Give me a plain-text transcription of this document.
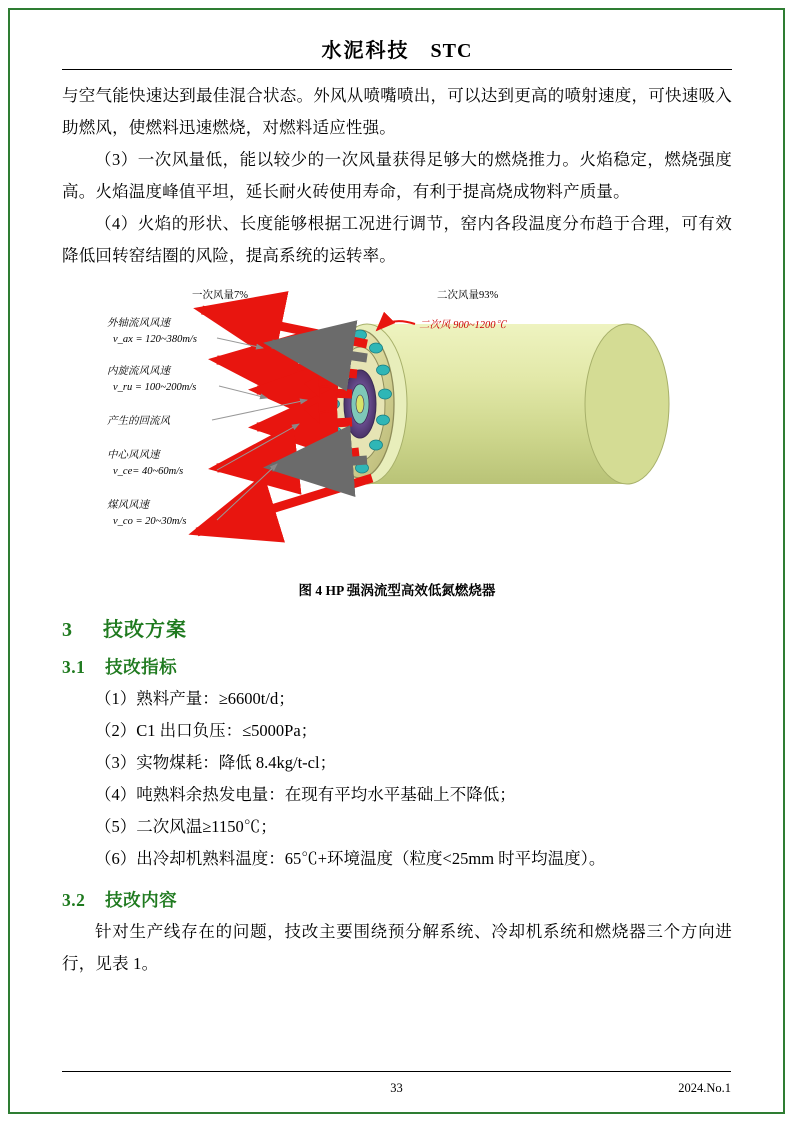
水泥科技 STC

与空气能快速达到最佳混合状态。外风从喷嘴喷出，可以达到更高的喷射速度，可快速吸入助燃风，使燃料迅速燃烧，对燃料适应性强。

（3）一次风量低，能以较少的一次风量获得足够大的燃烧推力。火焰稳定，燃烧强度高。火焰温度峰值平坦，延长耐火砖使用寿命，有利于提高烧成物料产质量。

（4）火焰的形状、长度能够根据工况进行调节，窑内各段温度分布趋于合理，可有效降低回转窑结圈的风险，提高系统的运转率。

一次风量7%	二次风量93%
二次风 900~1200℃
外轴流风风速
v_ax = 120~380m/s
内旋流风风速
v_ru = 100~200m/s
产生的回流风
中心风风速
v_ce= 40~60m/s
煤风风速
v_co = 20~30m/s
图 4 HP 强涡流型高效低氮燃烧器
3 技改方案
3.1 技改指标

（1）熟料产量：≥6600t/d；

（2）C1 出口负压：≤5000Pa；

（3）实物煤耗：降低 8.4kg/t-cl；

（4）吨熟料余热发电量：在现有平均水平基础上不降低；

（5）二次风温≥1150℃；

（6）出冷却机熟料温度：65℃+环境温度（粒度<25mm 时平均温度）。

3.2 技改内容

针对生产线存在的问题，技改主要围绕预分解系统、冷却机系统和燃烧器三个方向进行，见表 1。

33	2024.No.1
